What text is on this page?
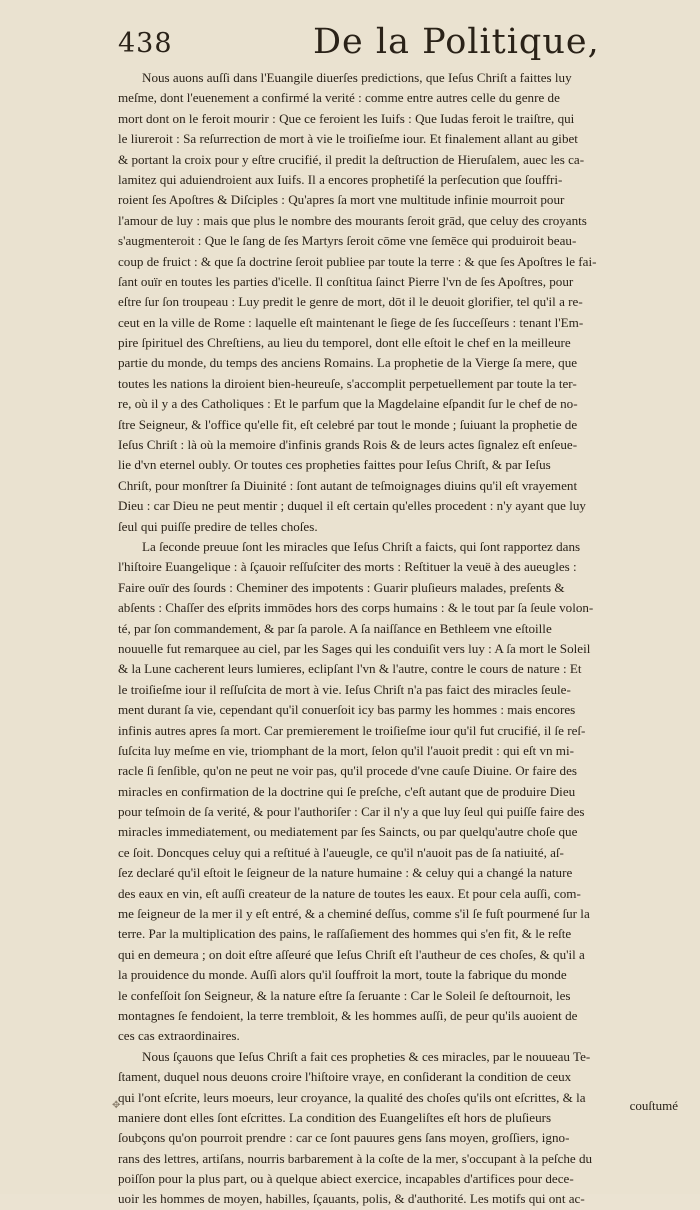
438	De la Politique,
Nous auons auſſi dans l'Euangile diuerſes predictions, que Ieſus Chriſt a faittes luy
meſme, dont l'euenement a confirmé la verité : comme entre autres celle du genre de
mort dont on le feroit mourir : Que ce feroient les Iuifs : Que Iudas feroit le traiſtre, qui
le liureroit : Sa reſurrection de mort à vie le troiſieſme iour. Et finalement allant au gibet
& portant la croix pour y eſtre crucifié, il predit la deſtruction de Hieruſalem, auec les ca-
lamitez qui aduiendroient aux Iuifs. Il a encores prophetiſé la perſecution que ſouffri-
roient ſes Apoſtres & Diſciples : Qu'apres ſa mort vne multitude infinie mourroit pour
l'amour de luy : mais que plus le nombre des mourants ſeroit grād, que celuy des croyants
s'augmenteroit : Que le ſang de ſes Martyrs ſeroit cōme vne ſemēce qui produiroit beau-
coup de fruict : & que ſa doctrine ſeroit publiee par toute la terre : & que ſes Apoſtres le fai-
ſant ouïr en toutes les parties d'icelle. Il conſtitua ſainct Pierre l'vn de ſes Apoſtres, pour
eſtre ſur ſon troupeau : Luy predit le genre de mort, dōt il le deuoit glorifier, tel qu'il a re-
ceut en la ville de Rome : laquelle eſt maintenant le ſiege de ſes ſucceſſeurs : tenant l'Em-
pire ſpirituel des Chreſtiens, au lieu du temporel, dont elle eſtoit le chef en la meilleure
partie du monde, du temps des anciens Romains. La prophetie de la Vierge ſa mere, que
toutes les nations la diroient bien-heureuſe, s'accomplit perpetuellement par toute la ter-
re, où il y a des Catholiques : Et le parfum que la Magdelaine eſpandit ſur le chef de no-
ſtre Seigneur, & l'office qu'elle fit, eſt celebré par tout le monde ; ſuiuant la prophetie de
Ieſus Chriſt : là où la memoire d'infinis grands Rois & de leurs actes ſignalez eſt enſeue-
lie d'vn eternel oubly. Or toutes ces propheties faittes pour Ieſus Chriſt, & par Ieſus
Chriſt, pour monſtrer ſa Diuinité : ſont autant de teſmoignages diuins qu'il eſt vrayement
Dieu : car Dieu ne peut mentir ; duquel il eſt certain qu'elles procedent : n'y ayant que luy
ſeul qui puiſſe predire de telles choſes.
La ſeconde preuue ſont les miracles que Ieſus Chriſt a faicts, qui ſont rapportez dans
l'hiſtoire Euangelique : à ſçauoir reſſuſciter des morts : Reſtituer la veuë à des aueugles :
Faire ouïr des ſourds : Cheminer des impotents : Guarir pluſieurs malades, preſents &
abſents : Chaſſer des eſprits immōdes hors des corps humains : & le tout par ſa ſeule volon-
té, par ſon commandement, & par ſa parole. A ſa naiſſance en Bethleem vne eſtoille
nouuelle fut remarquee au ciel, par les Sages qui les conduiſit vers luy : A ſa mort le Soleil
& la Lune cacherent leurs lumieres, eclipſant l'vn & l'autre, contre le cours de nature : Et
le troiſieſme iour il reſſuſcita de mort à vie. Ieſus Chriſt n'a pas faict des miracles ſeule-
ment durant ſa vie, cependant qu'il conuerſoit icy bas parmy les hommes : mais encores
infinis autres apres ſa mort. Car premierement le troiſieſme iour qu'il fut crucifié, il ſe reſ-
ſuſcita luy meſme en vie, triomphant de la mort, ſelon qu'il l'auoit predit : qui eſt vn mi-
racle ſi ſenſible, qu'on ne peut ne voir pas, qu'il procede d'vne cauſe Diuine. Or faire des
miracles en confirmation de la doctrine qui ſe preſche, c'eſt autant que de produire Dieu
pour teſmoin de ſa verité, & pour l'authoriſer : Car il n'y a que luy ſeul qui puiſſe faire des
miracles immediatement, ou mediatement par ſes Saincts, ou par quelqu'autre choſe que
ce ſoit. Doncques celuy qui a reſtitué à l'aueugle, ce qu'il n'auoit pas de ſa natiuité, aſ-
ſez declaré qu'il eſtoit le ſeigneur de la nature humaine : & celuy qui a changé la nature
des eaux en vin, eſt auſſi createur de la nature de toutes les eaux. Et pour cela auſſi, com-
me ſeigneur de la mer il y eſt entré, & a cheminé deſſus, comme s'il ſe fuſt pourmené ſur la
terre. Par la multiplication des pains, le raſſaſiement des hommes qui s'en fit, & le reſte
qui en demeura ; on doit eſtre aſſeuré que Ieſus Chriſt eſt l'autheur de ces choſes, & qu'il a
la prouidence du monde. Auſſi alors qu'il ſouffroit la mort, toute la fabrique du monde
le confeſſoit ſon Seigneur, & la nature eſtre ſa ſeruante : Car le Soleil ſe deſtournoit, les
montagnes ſe fendoient, la terre trembloit, & les hommes auſſi, de peur qu'ils auoient de
ces cas extraordinaires.
Nous ſçauons que Ieſus Chriſt a fait ces propheties & ces miracles, par le nouueau Te-
ſtament, duquel nous deuons croire l'hiſtoire vraye, en conſiderant la condition de ceux
qui l'ont eſcrite, leurs moeurs, leur croyance, la qualité des choſes qu'ils ont eſcrittes, & la
maniere dont elles ſont eſcrittes. La condition des Euangeliſtes eſt hors de pluſieurs
ſoubçons qu'on pourroit prendre : car ce ſont pauures gens ſans moyen, groſſiers, igno-
rans des lettres, artiſans, nourris barbarement à la coſte de la mer, s'occupant à la peſche du
poiſſon pour la plus part, ou à quelque abiect exercice, incapables d'artifices pour dece-
uoir les hommes de moyen, habilles, ſçauants, polis, & d'authorité. Les motifs qui ont ac-
✥	couſtumé
